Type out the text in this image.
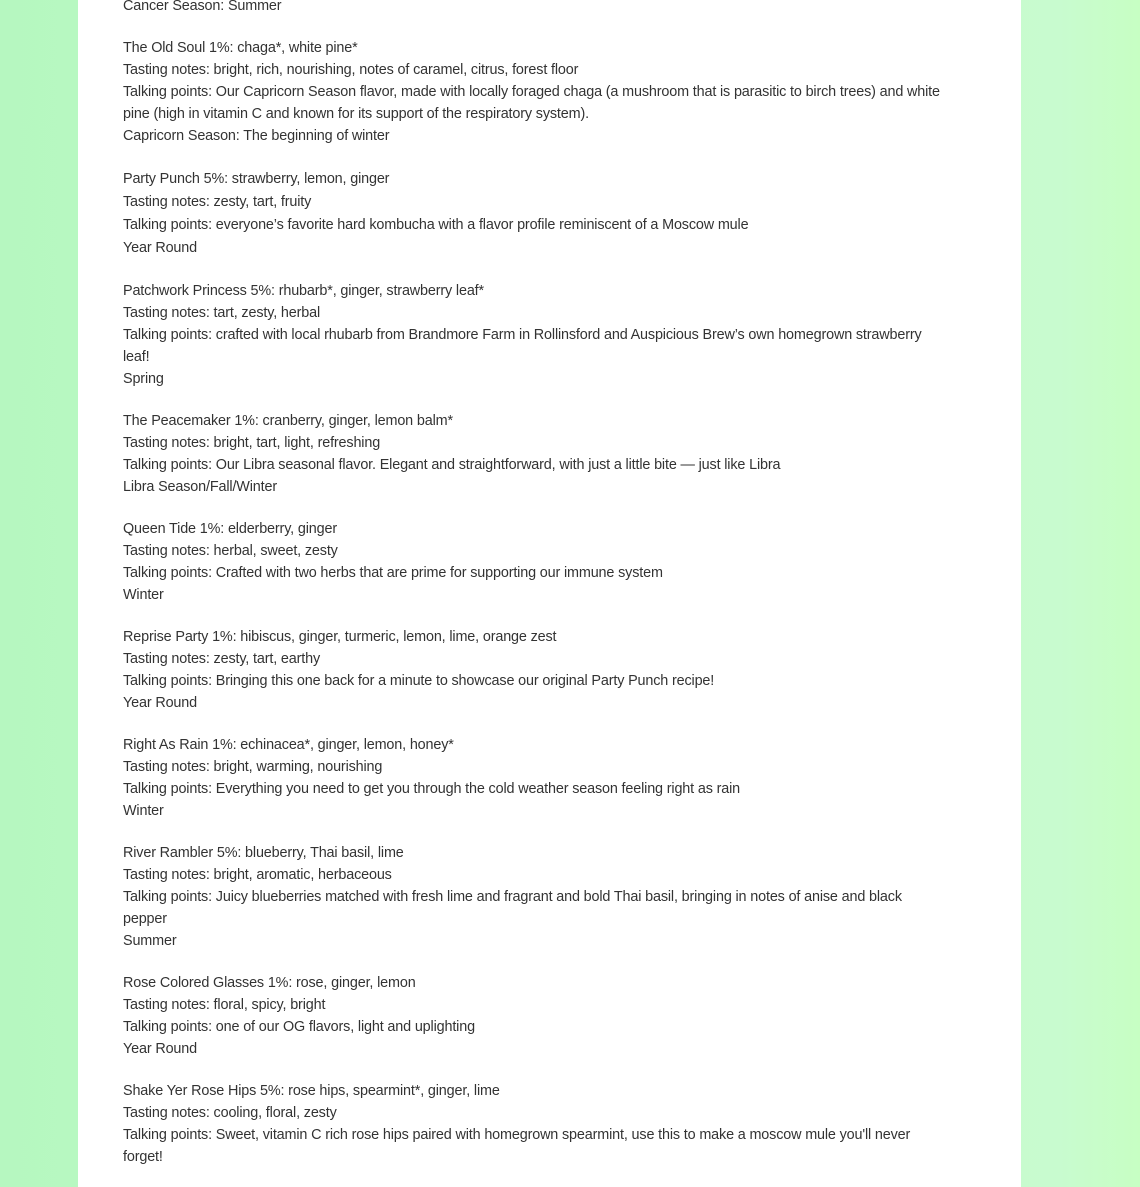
Cancer Season: Summer
The Old Soul 1%: chaga*, white pine*
Tasting notes: bright, rich, nourishing, notes of caramel, citrus, forest floor
Talking points: Our Capricorn Season flavor, made with locally foraged chaga (a mushroom that is parasitic to birch trees) and white pine (high in vitamin C and known for its support of the respiratory system).
Capricorn Season: The beginning of winter
Party Punch 5%: strawberry, lemon, ginger
Tasting notes: zesty, tart, fruity
Talking points: everyone’s favorite hard kombucha with a flavor profile reminiscent of a Moscow mule
Year Round
Patchwork Princess 5%: rhubarb*, ginger, strawberry leaf*
Tasting notes: tart, zesty, herbal
Talking points: crafted with local rhubarb from Brandmore Farm in Rollinsford and Auspicious Brew’s own homegrown strawberry leaf!
Spring
The Peacemaker 1%: cranberry, ginger, lemon balm*
Tasting notes: bright, tart, light, refreshing
Talking points: Our Libra seasonal flavor. Elegant and straightforward, with just a little bite — just like Libra
Libra Season/Fall/Winter
Queen Tide 1%: elderberry, ginger
Tasting notes: herbal, sweet, zesty
Talking points: Crafted with two herbs that are prime for supporting our immune system
Winter
Reprise Party 1%: hibiscus, ginger, turmeric, lemon, lime, orange zest
Tasting notes: zesty, tart, earthy
Talking points: Bringing this one back for a minute to showcase our original Party Punch recipe!
Year Round
Right As Rain 1%: echinacea*, ginger, lemon, honey*
Tasting notes: bright, warming, nourishing
Talking points: Everything you need to get you through the cold weather season feeling right as rain
Winter
River Rambler 5%: blueberry, Thai basil, lime
Tasting notes: bright, aromatic, herbaceous
Talking points: Juicy blueberries matched with fresh lime and fragrant and bold Thai basil, bringing in notes of anise and black pepper
Summer
Rose Colored Glasses 1%: rose, ginger, lemon
Tasting notes: floral, spicy, bright
Talking points: one of our OG flavors, light and uplighting
Year Round
Shake Yer Rose Hips 5%: rose hips, spearmint*, ginger, lime
Tasting notes: cooling, floral, zesty
Talking points: Sweet, vitamin C rich rose hips paired with homegrown spearmint, use this to make a moscow mule you'll never forget!
